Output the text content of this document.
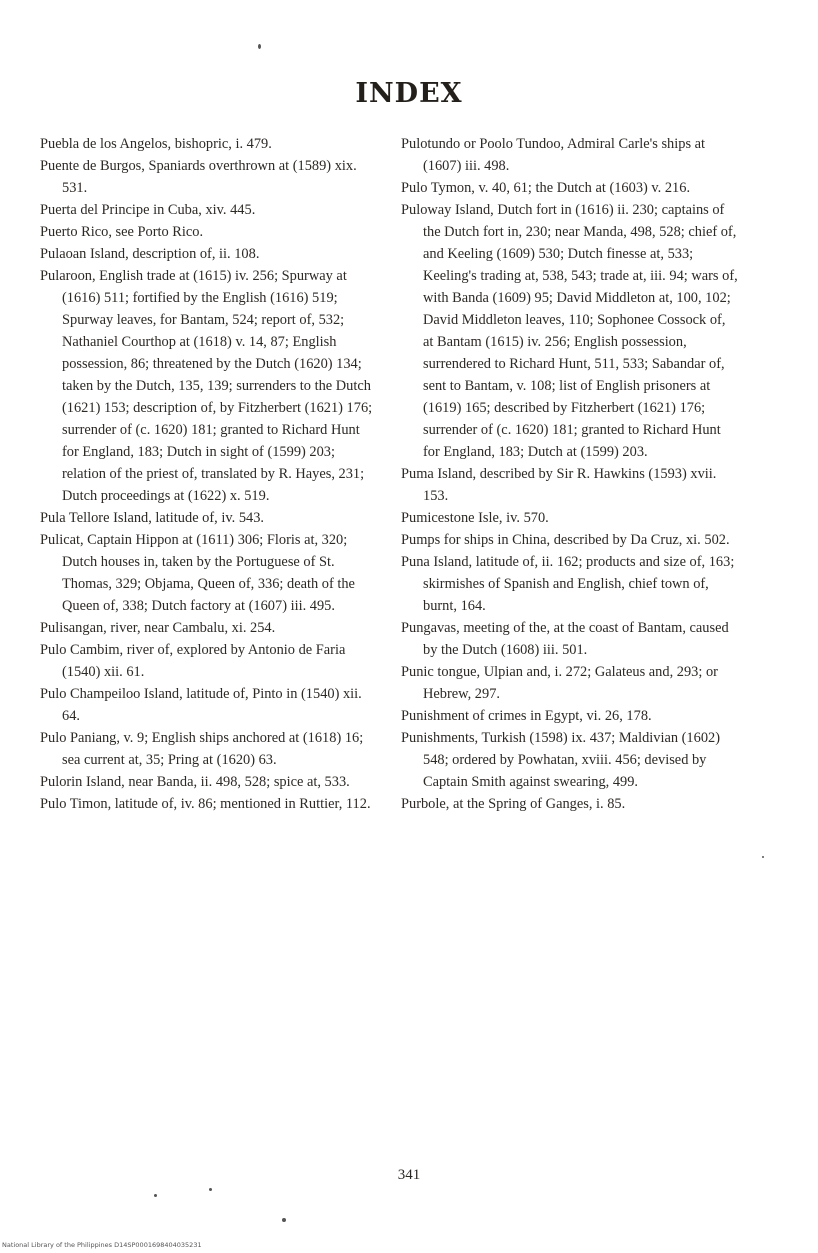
INDEX

Puebla de los Angelos, bishopric, i. 479.

Puente de Burgos, Spaniards overthrown at (1589) xix. 531.

Puerta del Principe in Cuba, xiv. 445.

Puerto Rico, see Porto Rico.

Pulaoan Island, description of, ii. 108.

Pularoon, English trade at (1615) iv. 256; Spurway at (1616) 511; fortified by the English (1616) 519; Spurway leaves, for Bantam, 524; report of, 532; Nathaniel Courthop at (1618) v. 14, 87; English possession, 86; threatened by the Dutch (1620) 134; taken by the Dutch, 135, 139; surrenders to the Dutch (1621) 153; description of, by Fitzherbert (1621) 176; surrender of (c. 1620) 181; granted to Richard Hunt for England, 183; Dutch in sight of (1599) 203; relation of the priest of, translated by R. Hayes, 231; Dutch proceedings at (1622) x. 519.

Pula Tellore Island, latitude of, iv. 543.

Pulicat, Captain Hippon at (1611) 306; Floris at, 320; Dutch houses in, taken by the Portuguese of St. Thomas, 329; Objama, Queen of, 336; death of the Queen of, 338; Dutch factory at (1607) iii. 495.

Pulisangan, river, near Cambalu, xi. 254.

Pulo Cambim, river of, explored by Antonio de Faria (1540) xii. 61.

Pulo Champeiloo Island, latitude of, Pinto in (1540) xii. 64.

Pulo Paniang, v. 9; English ships anchored at (1618) 16; sea current at, 35; Pring at (1620) 63.

Pulorin Island, near Banda, ii. 498, 528; spice at, 533.

Pulo Timon, latitude of, iv. 86; mentioned in Ruttier, 112.

Pulotundo or Poolo Tundoo, Admiral Carle's ships at (1607) iii. 498.

Pulo Tymon, v. 40, 61; the Dutch at (1603) v. 216.

Puloway Island, Dutch fort in (1616) ii. 230; captains of the Dutch fort in, 230; near Manda, 498, 528; chief of, and Keeling (1609) 530; Dutch finesse at, 533; Keeling's trading at, 538, 543; trade at, iii. 94; wars of, with Banda (1609) 95; David Middleton at, 100, 102; David Middleton leaves, 110; Sophonee Cossock of, at Bantam (1615) iv. 256; English possession, surrendered to Richard Hunt, 511, 533; Sabandar of, sent to Bantam, v. 108; list of English prisoners at (1619) 165; described by Fitzherbert (1621) 176; surrender of (c. 1620) 181; granted to Richard Hunt for England, 183; Dutch at (1599) 203.

Puma Island, described by Sir R. Hawkins (1593) xvii. 153.

Pumicestone Isle, iv. 570.

Pumps for ships in China, described by Da Cruz, xi. 502.

Puna Island, latitude of, ii. 162; products and size of, 163; skirmishes of Spanish and English, chief town of, burnt, 164.

Pungavas, meeting of the, at the coast of Bantam, caused by the Dutch (1608) iii. 501.

Punic tongue, Ulpian and, i. 272; Galateus and, 293; or Hebrew, 297.

Punishment of crimes in Egypt, vi. 26, 178.

Punishments, Turkish (1598) ix. 437; Maldivian (1602) 548; ordered by Powhatan, xviii. 456; devised by Captain Smith against swearing, 499.

Purbole, at the Spring of Ganges, i. 85.

341
National Library of the Philippines D14SP0001698404035231
